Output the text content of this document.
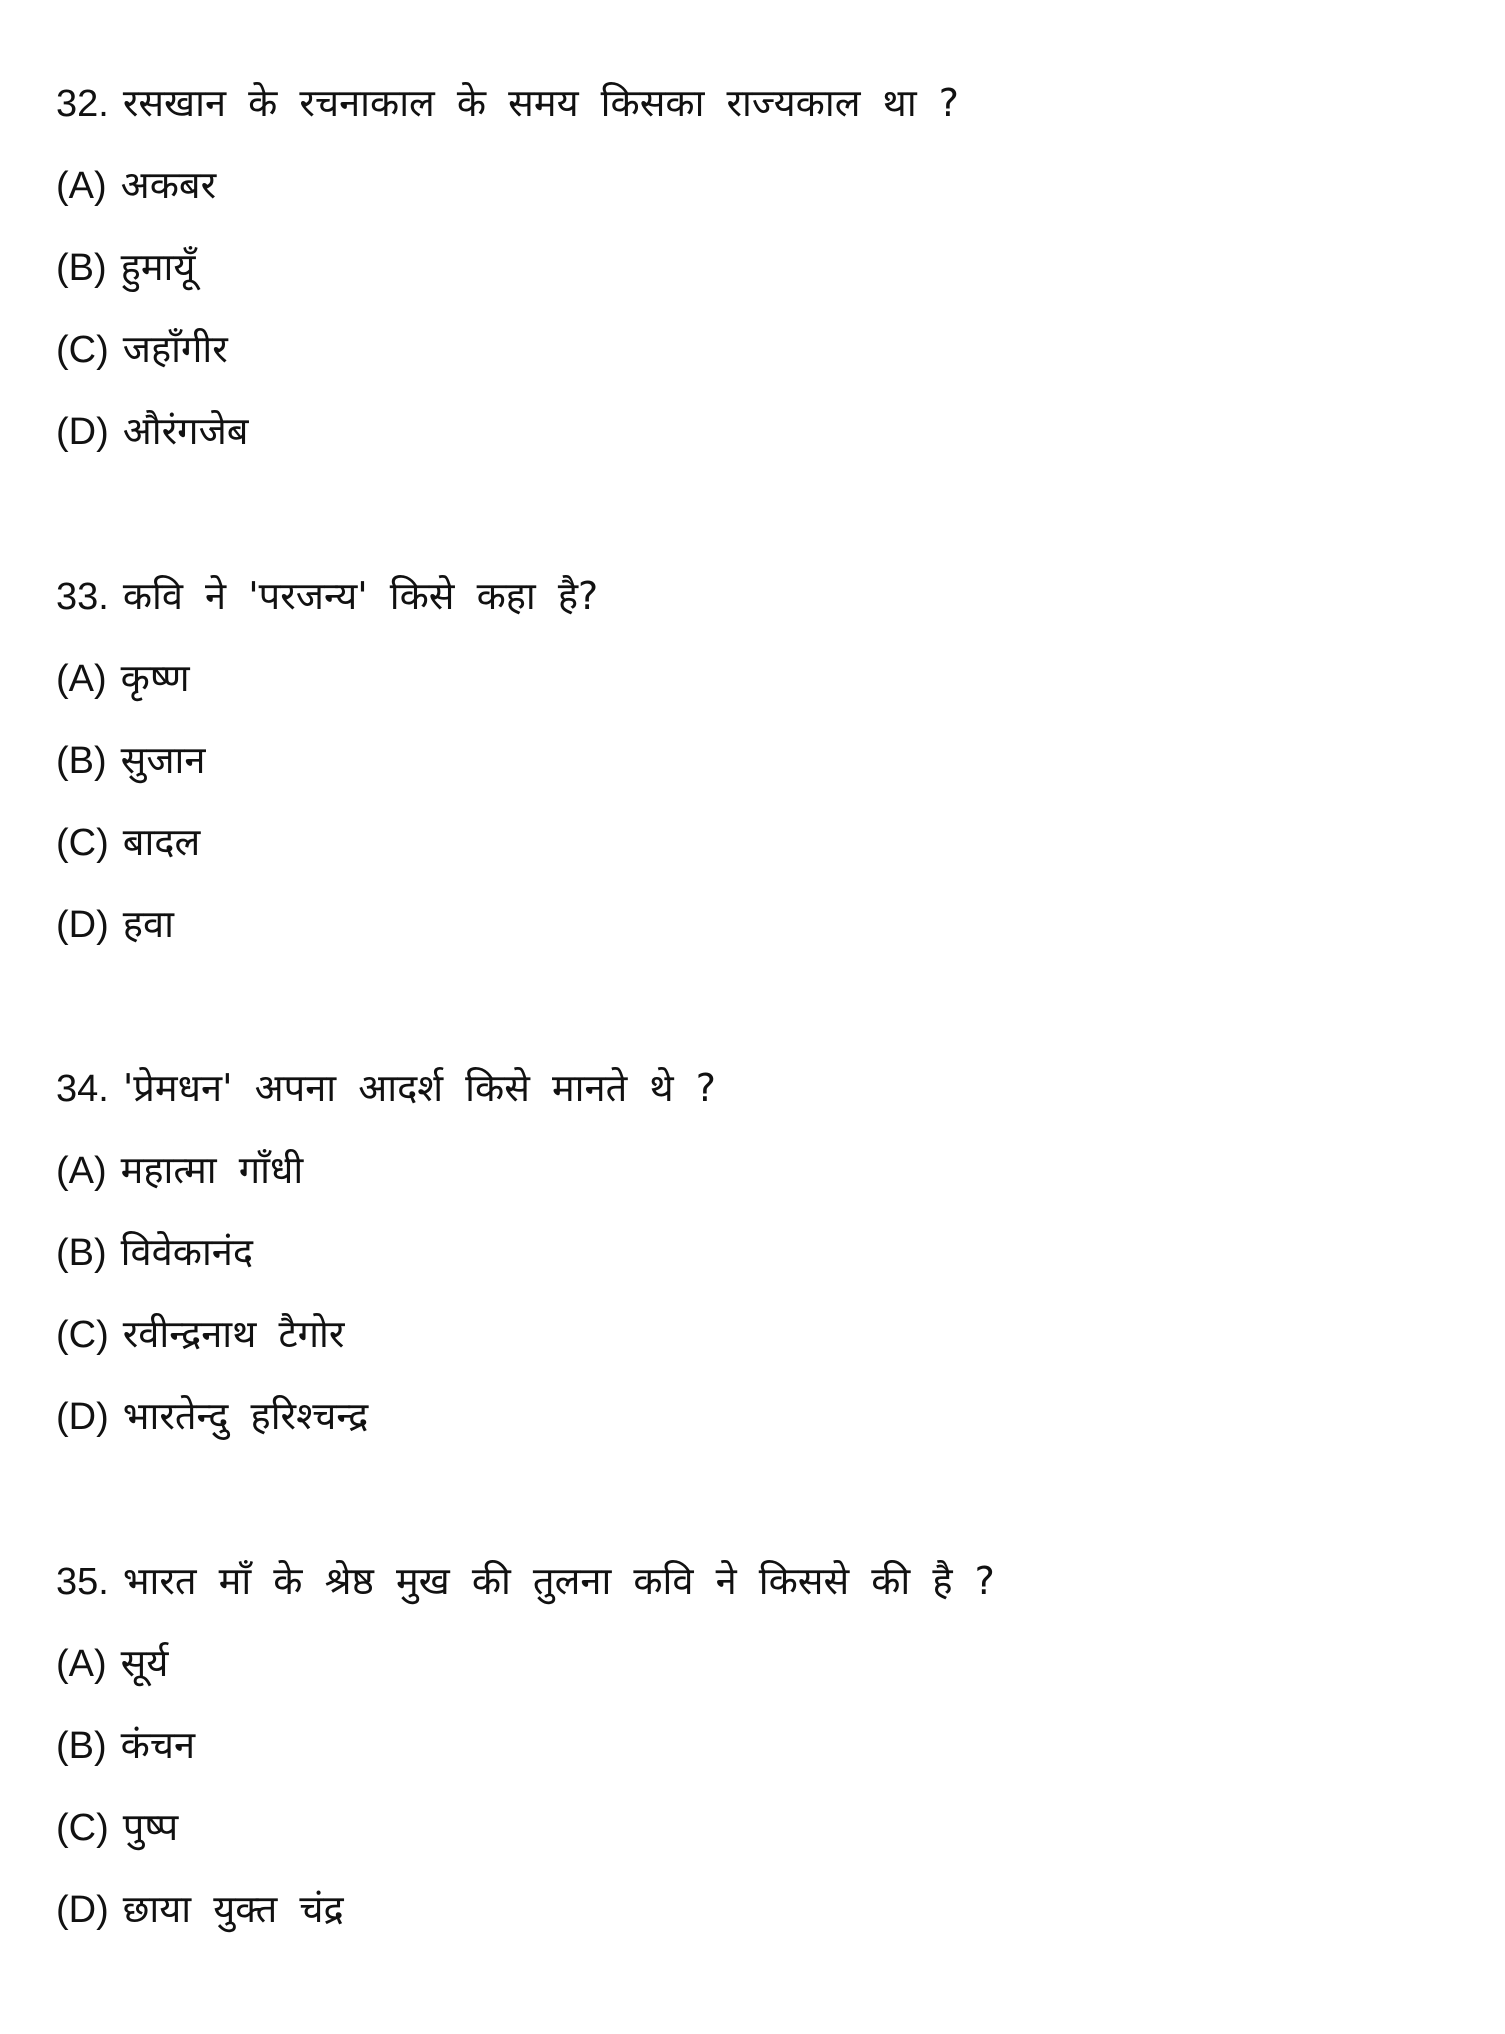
32. रसखान के रचनाकाल के समय किसका राज्यकाल था ?
(A) अकबर
(B) हुमायूँ
(C) जहाँगीर
(D) औरंगजेब
33. कवि ने 'परजन्य' किसे कहा है?
(A) कृष्ण
(B) सुजान
(C) बादल
(D) हवा
34. 'प्रेमधन' अपना आदर्श किसे मानते थे ?
(A) महात्मा गाँधी
(B) विवेकानंद
(C) रवीन्द्रनाथ टैगोर
(D) भारतेन्दु हरिश्चन्द्र
35. भारत माँ के श्रेष्ठ मुख की तुलना कवि ने किससे की है ?
(A) सूर्य
(B) कंचन
(C) पुष्प
(D) छाया युक्त चंद्र
